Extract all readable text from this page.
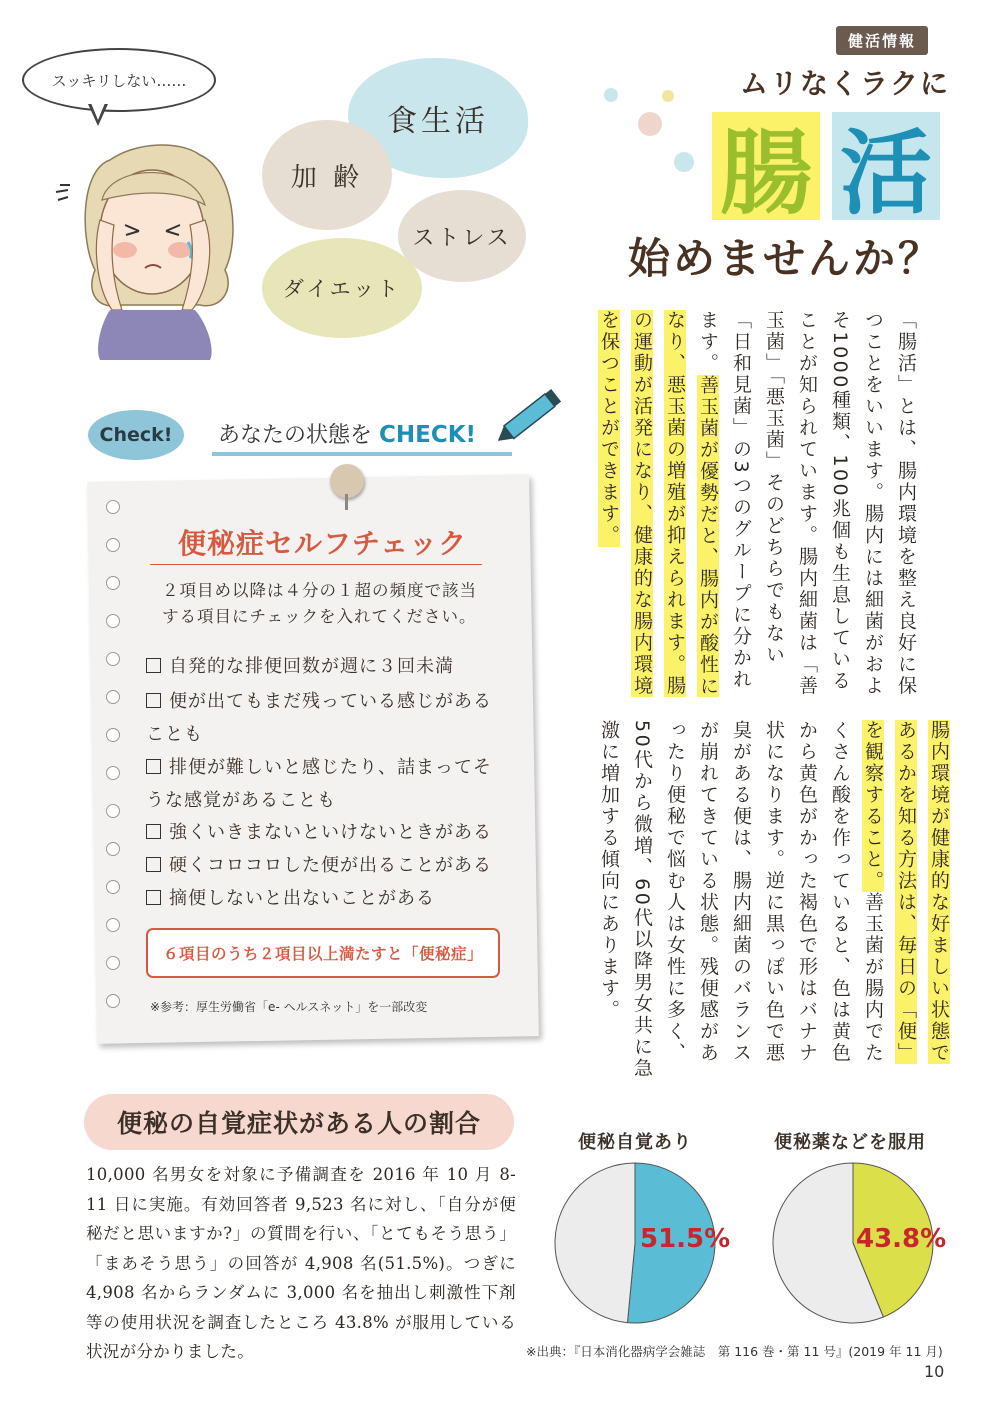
スッキリしない……
食生活
加 齢
ストレス
ダイエット
健活情報
ムリなくラクに
腸 活
始めませんか？
「腸活」とは、腸内環境を整え良好に保つことをいいます。腸内には細菌がおよそ1000種類、100兆個も生息していることが知られています。腸内細菌は「善玉菌」「悪玉菌」そのどちらでもない「日和見菌」の3つのグループに分かれます。善玉菌が優勢だと、腸内が酸性になり、悪玉菌の増殖が抑えられます。腸の運動が活発になり、健康的な腸内環境を保つことができます。
腸内環境が健康的な好ましい状態であるかを知る方法は、毎日の「便」を観察すること。善玉菌が腸内でたくさん酸を作っていると、色は黄色から黄色がかった褐色で形はバナナ状になります。逆に黒っぽい色で悪臭がある便は、腸内細菌のバランスが崩れてきている状態。残便感があったり便秘で悩む人は女性に多く、50代から微増、60代以降男女共に急激に増加する傾向にあります。
Check!	あなたの状態を CHECK!
便秘症セルフチェック
２項目め以降は４分の１超の頻度で該当する項目にチェックを入れてください。
自発的な排便回数が週に３回未満
便が出てもまだ残っている感じがあることも
排便が難しいと感じたり、詰まってそうな感覚があることも
強くいきまないといけないときがある
硬くコロコロした便が出ることがある
摘便しないと出ないことがある
６項目のうち２項目以上満たすと「便秘症」
※参考：厚生労働省「e- ヘルスネット」を一部改変
便秘の自覚症状がある人の割合
10,000 名男女を対象に予備調査を 2016 年 10 月 8-11 日に実施。有効回答者 9,523 名に対し、「自分が便秘だと思いますか?」の質問を行い、「とてもそう思う」「まあそう思う」の回答が 4,908 名(51.5%)。つぎに 4,908 名からランダムに 3,000 名を抽出し刺激性下剤等の使用状況を調査したところ 43.8% が服用している状況が分かりました。
便秘自覚あり	便秘薬などを服用
51.5%	43.8%
※出典：『日本消化器病学会雑誌　第 116 巻・第 11 号』(2019 年 11 月)
10
